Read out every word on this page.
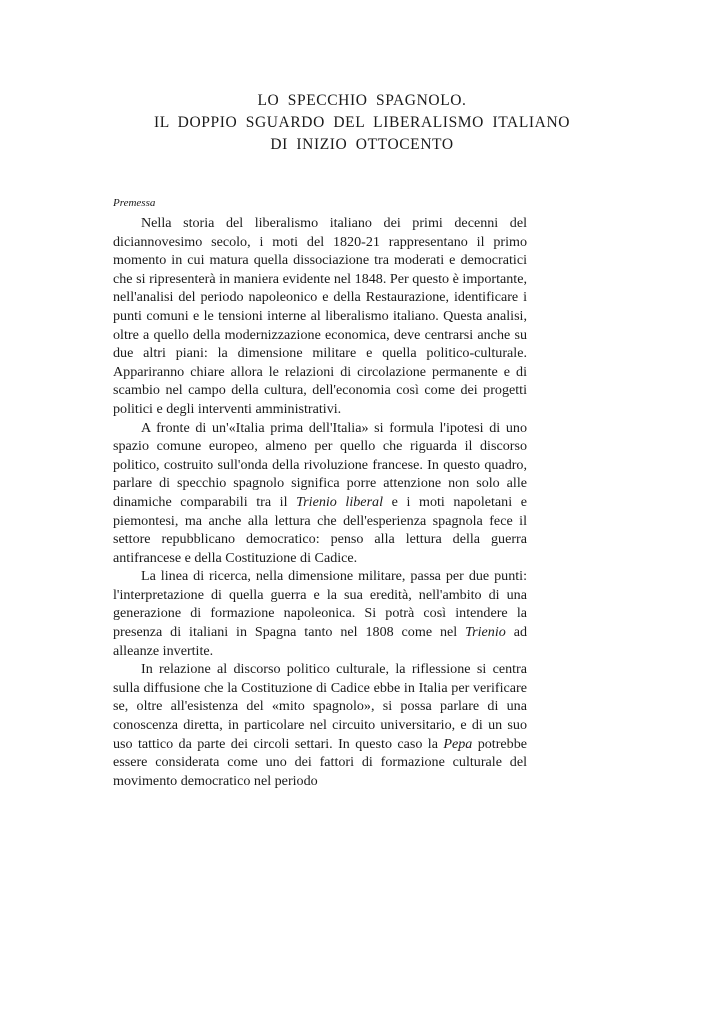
LO SPECCHIO SPAGNOLO.
IL DOPPIO SGUARDO DEL LIBERALISMO ITALIANO
DI INIZIO OTTOCENTO
Premessa

Nella storia del liberalismo italiano dei primi decenni del diciannovesimo secolo, i moti del 1820-21 rappresentano il primo momento in cui matura quella dissociazione tra moderati e democratici che si ripresenterà in maniera evidente nel 1848. Per questo è importante, nell'analisi del periodo napoleonico e della Restaurazione, identificare i punti comuni e le tensioni interne al liberalismo italiano. Questa analisi, oltre a quello della modernizzazione economica, deve centrarsi anche su due altri piani: la dimensione militare e quella politico-culturale. Appariranno chiare allora le relazioni di circolazione permanente e di scambio nel campo della cultura, dell'economia così come dei progetti politici e degli interventi amministrativi.

A fronte di un'«Italia prima dell'Italia» si formula l'ipotesi di uno spazio comune europeo, almeno per quello che riguarda il discorso politico, costruito sull'onda della rivoluzione francese. In questo quadro, parlare di specchio spagnolo significa porre attenzione non solo alle dinamiche comparabili tra il Trienio liberal e i moti napoletani e piemontesi, ma anche alla lettura che dell'esperienza spagnola fece il settore repubblicano democratico: penso alla lettura della guerra antifrancese e della Costituzione di Cadice.

La linea di ricerca, nella dimensione militare, passa per due punti: l'interpretazione di quella guerra e la sua eredità, nell'ambito di una generazione di formazione napoleonica. Si potrà così intendere la presenza di italiani in Spagna tanto nel 1808 come nel Trienio ad alleanze invertite.

In relazione al discorso politico culturale, la riflessione si centra sulla diffusione che la Costituzione di Cadice ebbe in Italia per verificare se, oltre all'esistenza del «mito spagnolo», si possa parlare di una conoscenza diretta, in particolare nel circuito universitario, e di un suo uso tattico da parte dei circoli settari. In questo caso la Pepa potrebbe essere considerata come uno dei fattori di formazione culturale del movimento democratico nel periodo
